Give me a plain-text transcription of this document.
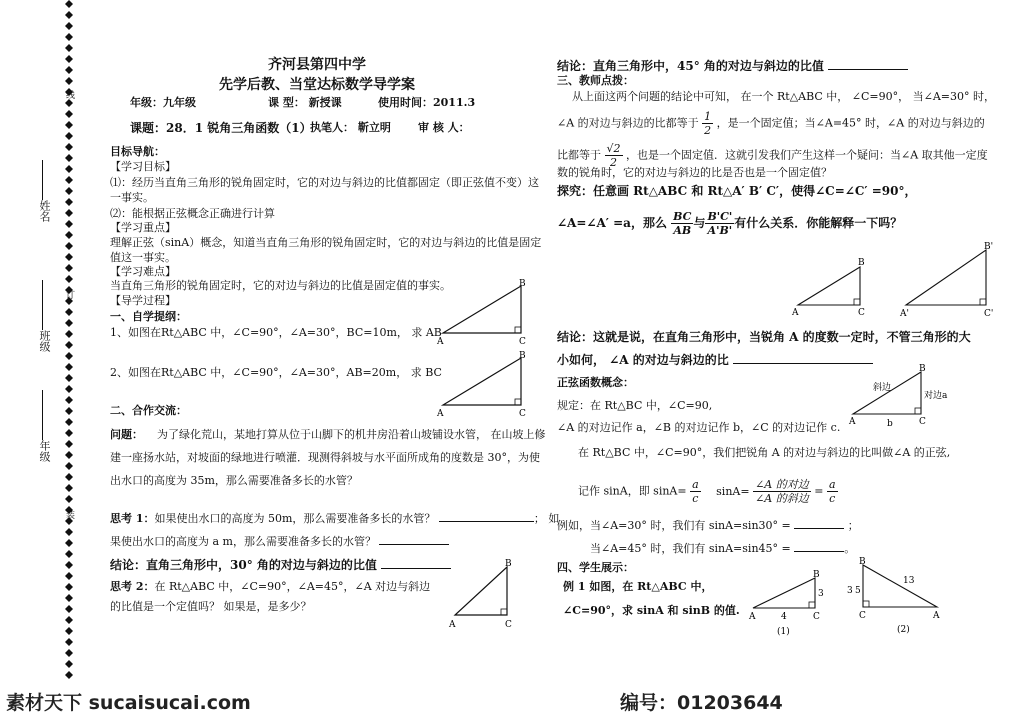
姓名
班级
年级
线
订
装
齐河县第四中学
先学后教、当堂达标数学导学案
年级：九年级	课 型： 新授课	使用时间：2011.3
课题：28．1 锐角三角函数（1）
执笔人： 靳立明 审 核 人：
目标导航：
【学习目标】
⑴：经历当直角三角形的锐角固定时，它的对边与斜边的比值都固定（即正弦值不变）这
一事实。
⑵：能根据正弦概念正确进行计算
【学习重点】
理解正弦（sinA）概念，知道当直角三角形的锐角固定时，它的对边与斜边的比值是固定
值这一事实。
【学习难点】
当直角三角形的锐角固定时，它的对边与斜边的比值是固定值的事实。
【导学过程】
一、自学提纲：
1、如图在Rt△ABC 中，∠C=90°，∠A=30°，BC=10m， 求 AB
2、如图在Rt△ABC 中，∠C=90°，∠A=30°，AB=20m， 求 BC
二、合作交流：
问题： 为了绿化荒山，某地打算从位于山脚下的机井房沿着山坡铺设水管， 在山坡上修
建一座扬水站，对坡面的绿地进行喷灌．现测得斜坡与水平面所成角的度数是 30°，为使
出水口的高度为 35m，那么需要准备多长的水管？
思考 1：如果使出水口的高度为 50m，那么需要准备多长的水管？	； 如
果使出水口的高度为 a m，那么需要准备多长的水管？
结论：直角三角形中，30° 角的对边与斜边的比值
思考 2：在 Rt△ABC 中，∠C=90°，∠A=45°，∠A 对边与斜边
的比值是一个定值吗？ 如果是，是多少？
A	C
B
A	C
B
A	C
B
结论：直角三角形中，45° 角的对边与斜边的比值
三、教师点拨：
从上面这两个问题的结论中可知， 在一个 Rt△ABC 中， ∠C=90°， 当∠A=30° 时，
∠A 的对边与斜边的比都等于 $\frac{1}{2}$ ，是一个固定值；当∠A=45° 时，∠A 的对边与斜边的
比都等于 $\frac{√2}{2}$ ，也是一个固定值．这就引发我们产生这样一个疑问：当∠A 取其他一定度
数的锐角时，它的对边与斜边的比是否也是一个固定值？
探究：任意画 Rt△ABC 和 Rt△A′ B′ C′，使得∠C=∠C′ =90°，
∠A=∠A′ =a，那么 $\frac{BC}{AB}$ 与 $\frac{B'C'}{A'B'}$ 有什么关系．你能解释一下吗？
A	C
B
A'	C'
B'
结论：这就是说，在直角三角形中，当锐角 A 的度数一定时，不管三角形的大
小如何， ∠A 的对边与斜边的比
正弦函数概念：
规定：在 Rt△BC 中，∠C=90,
∠A 的对边记作 a，∠B 的对边记作 b，∠C 的对边记作 c. A	C
B
斜边
对边a
b
在 Rt△BC 中，∠C=90°，我们把锐角 A 的对边与斜边的比叫做∠A 的正弦,
记作 sinA，即 $\sin A= \frac{a}{c} \sin A= \frac{\text{∠A 的对边}}{\text{∠A 的斜边}} = \frac{a}{c}$
例如，当∠A=30° 时，我们有 sinA=sin30° =	；
当∠A=45° 时，我们有 sinA=sin45° =	。
四、学生展示：
例 1 如图，在 Rt△ABC 中，
∠C=90°，求 sinA 和 sinB 的值. A	C
B
4
3
(1)
B
C	A
3 5
13
(2)
素材天下 sucaisucai.com	编号：01203644
